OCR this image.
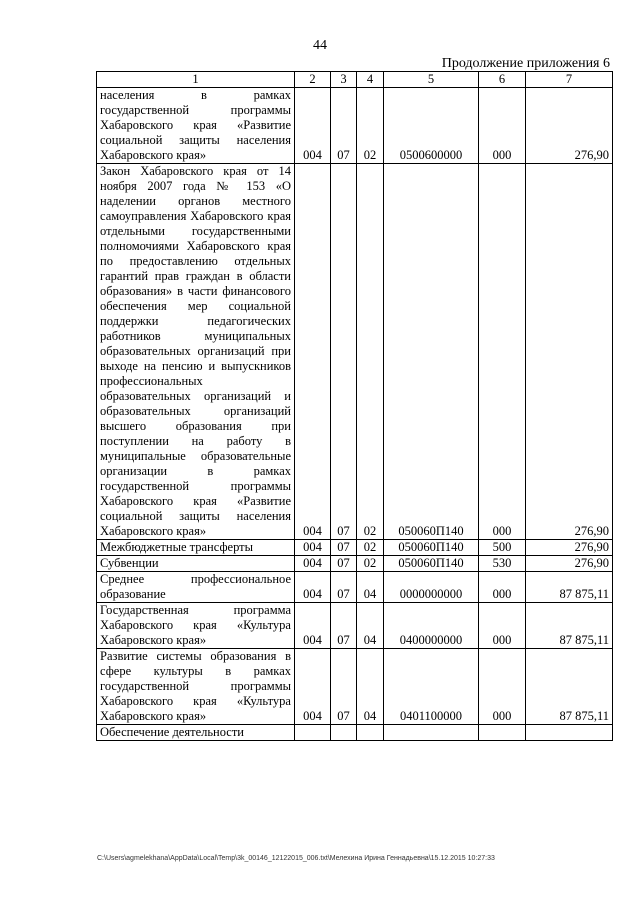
44
Продолжение приложения 6
1	2	3	4	5	6	7
населения в рамках государственной программы Хабаровского края «Развитие социальной защиты населения Хабаровского края»	004	07	02	0500600000	000	276,90
Закон Хабаровского края от 14 ноября 2007 года № 153 «О наделении органов местного самоуправления Хабаровского края отдельными государственными полномочиями Хабаровского края по предоставлению отдельных гарантий прав граждан в области образования» в части финансового обеспечения мер социальной поддержки педагогических работников муниципальных образовательных организаций при выходе на пенсию и выпускников профессиональных образовательных организаций и образовательных организаций высшего образования при поступлении на работу в муниципальные образовательные организации в рамках государственной программы Хабаровского края «Развитие социальной защиты населения Хабаровского края»	004	07	02	050060П140	000	276,90
Межбюджетные трансферты	004	07	02	050060П140	500	276,90
Субвенции	004	07	02	050060П140	530	276,90
Среднее профессиональное образование	004	07	04	0000000000	000	87 875,11
Государственная программа Хабаровского края «Культура Хабаровского края»	004	07	04	0400000000	000	87 875,11
Развитие системы образования в сфере культуры в рамках государственной программы Хабаровского края «Культура Хабаровского края»	004	07	04	0401100000	000	87 875,11
Обеспечение деятельности						
C:\Users\agmelekhana\AppData\Local\Temp\3k_00146_12122015_006.txt\Мелехина Ирина Геннадьевна\15.12.2015 10:27:33
